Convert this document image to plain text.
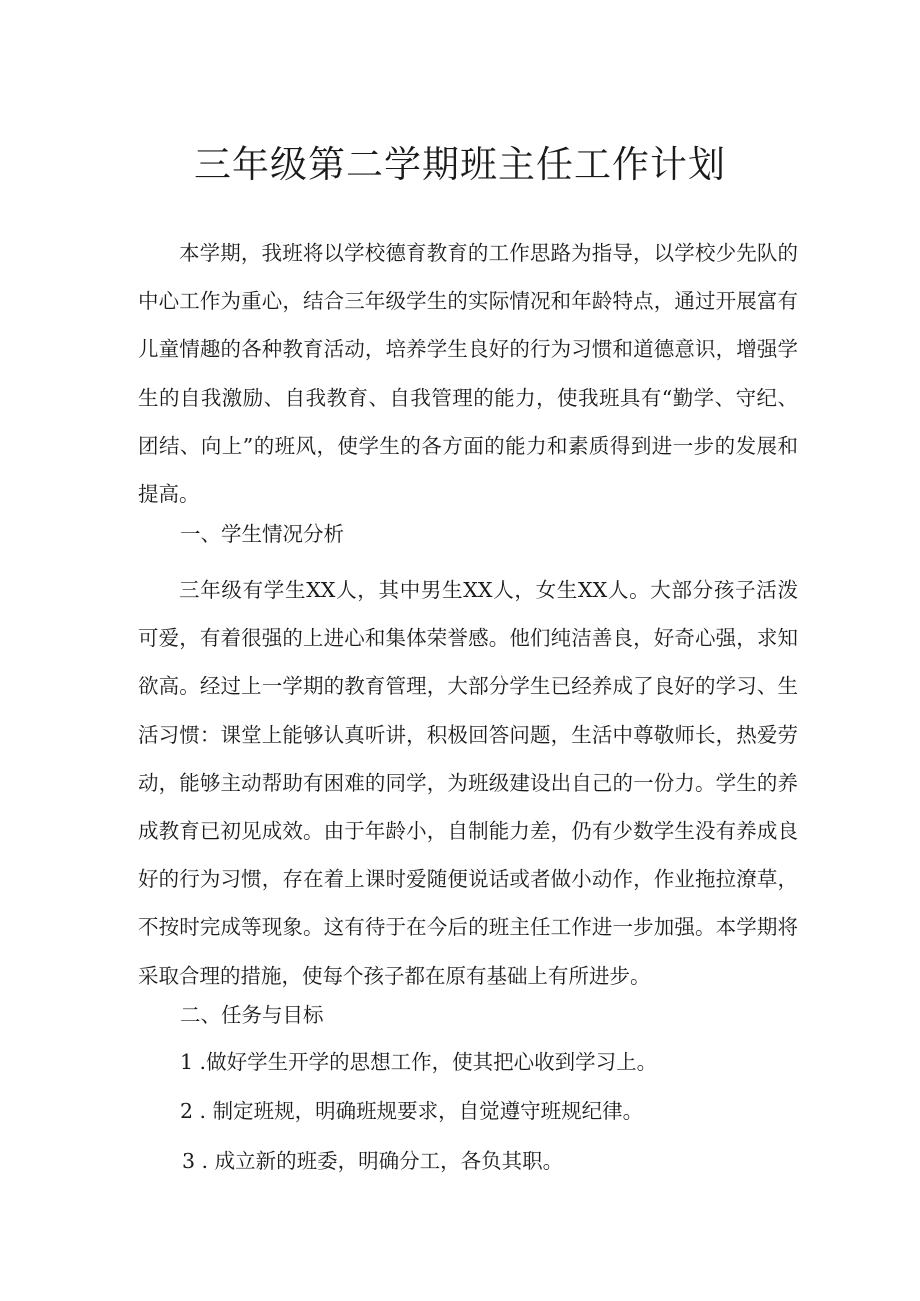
三年级第二学期班主任工作计划

本学期，我班将以学校德育教育的工作思路为指导，以学校少先队的中心工作为重心，结合三年级学生的实际情况和年龄特点，通过开展富有儿童情趣的各种教育活动，培养学生良好的行为习惯和道德意识，增强学生的自我激励、自我教育、自我管理的能力，使我班具有“勤学、守纪、团结、向上”的班风，使学生的各方面的能力和素质得到进一步的发展和提高。

一、学生情况分析

三年级有学生XX人，其中男生XX人，女生XX人。大部分孩子活泼可爱，有着很强的上进心和集体荣誉感。他们纯洁善良，好奇心强，求知欲高。经过上一学期的教育管理，大部分学生已经养成了良好的学习、生活习惯：课堂上能够认真听讲，积极回答问题，生活中尊敬师长，热爱劳动，能够主动帮助有困难的同学，为班级建设出自己的一份力。学生的养成教育已初见成效。由于年龄小，自制能力差，仍有少数学生没有养成良好的行为习惯，存在着上课时爱随便说话或者做小动作，作业拖拉潦草，不按时完成等现象。这有待于在今后的班主任工作进一步加强。本学期将采取合理的措施，使每个孩子都在原有基础上有所进步。

二、任务与目标

1 .做好学生开学的思想工作，使其把心收到学习上。

2 . 制定班规，明确班规要求，自觉遵守班规纪律。

3 . 成立新的班委，明确分工，各负其职。
